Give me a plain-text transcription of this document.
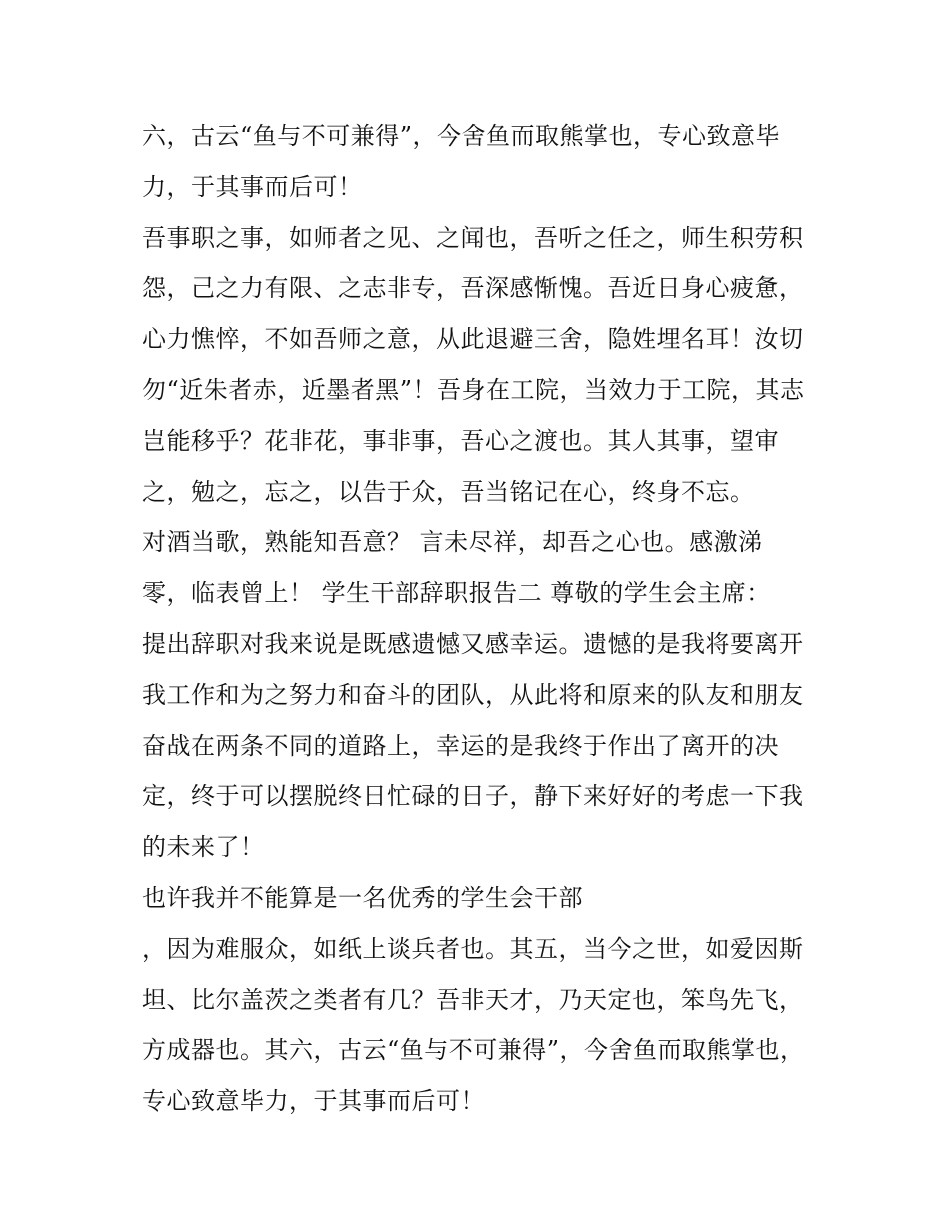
六，古云“鱼与不可兼得”，今舍鱼而取熊掌也，专心致意毕
力，于其事而后可！
吾事职之事，如师者之见、之闻也，吾听之任之，师生积劳积
怨，己之力有限、之志非专，吾深感惭愧。吾近日身心疲惫，
心力憔悴，不如吾师之意，从此退避三舍，隐姓埋名耳！汝切
勿“近朱者赤，近墨者黑”！吾身在工院，当效力于工院，其志
岂能移乎？花非花，事非事，吾心之渡也。其人其事，望审
之，勉之，忘之，以告于众，吾当铭记在心，终身不忘。
对酒当歌，熟能知吾意？ 言未尽祥，却吾之心也。感激涕
零，临表曾上！ 学生干部辞职报告二 尊敬的学生会主席：
提出辞职对我来说是既感遗憾又感幸运。遗憾的是我将要离开
我工作和为之努力和奋斗的团队，从此将和原来的队友和朋友
奋战在两条不同的道路上，幸运的是我终于作出了离开的决
定，终于可以摆脱终日忙碌的日子，静下来好好的考虑一下我
的未来了！
也许我并不能算是一名优秀的学生会干部
，因为难服众，如纸上谈兵者也。其五，当今之世，如爱因斯
坦、比尔盖茨之类者有几？吾非天才，乃天定也，笨鸟先飞，
方成器也。其六，古云“鱼与不可兼得”，今舍鱼而取熊掌也，
专心致意毕力，于其事而后可！
